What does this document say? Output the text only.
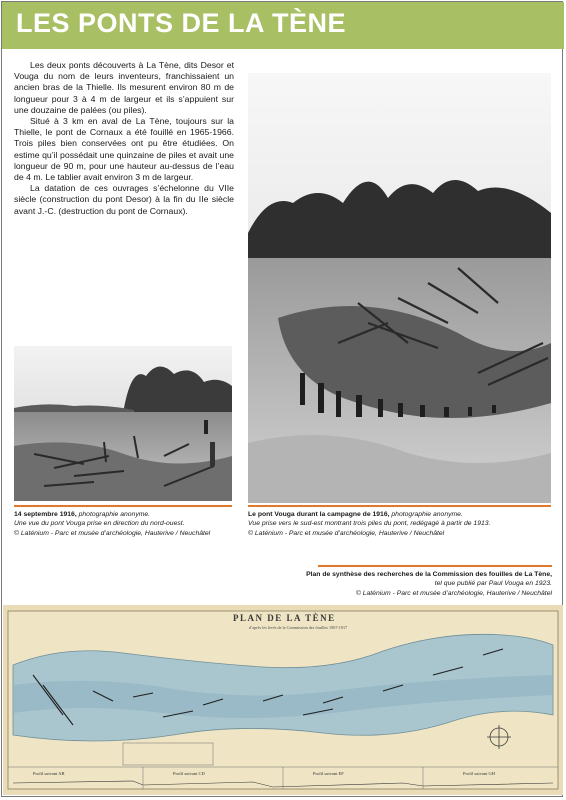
LES PONTS DE LA TÈNE

Les deux ponts découverts à La Tène, dits Desor et Vouga du nom de leurs inventeurs, franchissaient un ancien bras de la Thielle. Ils mesurent environ 80 m de longueur pour 3 à 4 m de largeur et ils s’appuient sur une douzaine de palées (ou piles).

Situé à 3 km en aval de La Tène, toujours sur la Thielle, le pont de Cornaux a été fouillé en 1965-1966. Trois piles bien conservées ont pu être étudiées. On estime qu’il possédait une quinzaine de piles et avait une longueur de 90 m, pour une hauteur au-dessus de l’eau de 4 m. Le tablier avait environ 3 m de largeur.

La datation de ces ouvrages s’échelonne du VIIe siècle (construction du pont Desor) à la fin du IIe siècle avant J.-C. (destruction du pont de Cornaux).

14 septembre 1916, photographie anonyme.
Une vue du pont Vouga prise en direction du nord-ouest.
© Laténium - Parc et musée d’archéologie, Hauterive / Neuchâtel
Le pont Vouga durant la campagne de 1916, photographie anonyme.
Vue prise vers le sud-est montrant trois piles du pont, redégagé à partir de 1913.
© Laténium - Parc et musée d’archéologie, Hauterive / Neuchâtel
Plan de synthèse des recherches de la Commission des fouilles de La Tène,
tel que publié par Paul Vouga en 1923.
© Laténium - Parc et musée d’archéologie, Hauterive / Neuchâtel
PLAN DE LA TÈNE
d’après les levés de la Commission des fouilles 1907-1917
Profil suivant AB	Profil suivant CD	Profil suivant EF	Profil suivant GH
